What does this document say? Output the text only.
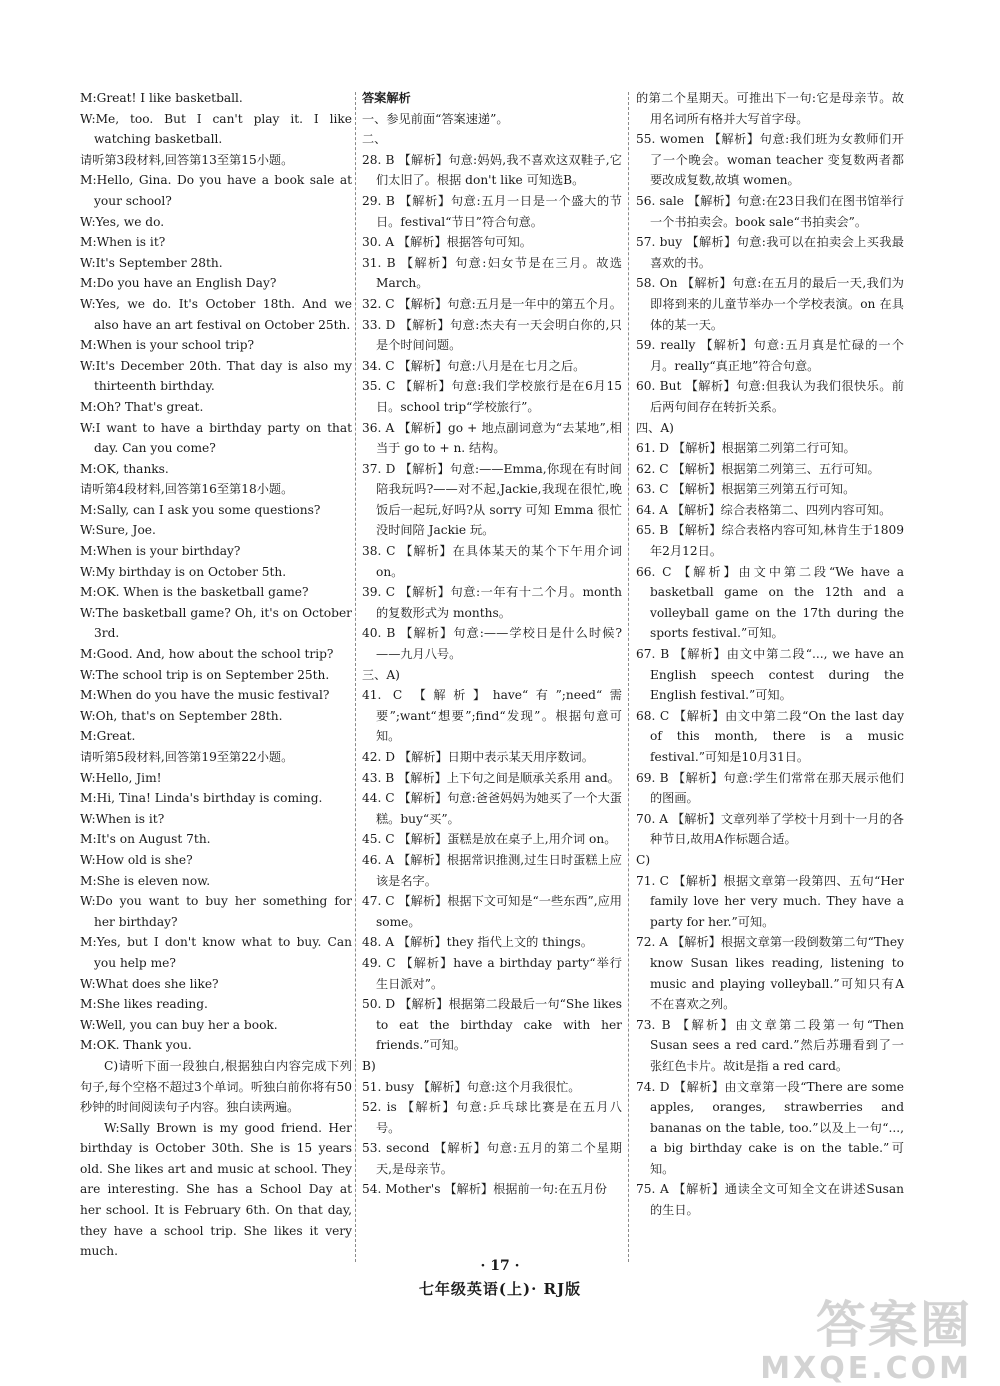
M:Great! I like basketball.

W:Me, too. But I can't play it. I like watching basketball.

请听第3段材料,回答第13至第15小题。

M:Hello, Gina. Do you have a book sale at your school?

W:Yes, we do.

M:When is it?

W:It's September 28th.

M:Do you have an English Day?

W:Yes, we do. It's October 18th. And we also have an art festival on October 25th.

M:When is your school trip?

W:It's December 20th. That day is also my thirteenth birthday.

M:Oh? That's great.

W:I want to have a birthday party on that day. Can you come?

M:OK, thanks.

请听第4段材料,回答第16至第18小题。

M:Sally, can I ask you some questions?

W:Sure, Joe.

M:When is your birthday?

W:My birthday is on October 5th.

M:OK. When is the basketball game?

W:The basketball game? Oh, it's on October 3rd.

M:Good. And, how about the school trip?

W:The school trip is on September 25th.

M:When do you have the music festival?

W:Oh, that's on September 28th.

M:Great.

请听第5段材料,回答第19至第22小题。

W:Hello, Jim!

M:Hi, Tina! Linda's birthday is coming.

W:When is it?

M:It's on August 7th.

W:How old is she?

M:She is eleven now.

W:Do you want to buy her something for her birthday?

M:Yes, but I don't know what to buy. Can you help me?

W:What does she like?

M:She likes reading.

W:Well, you can buy her a book.

M:OK. Thank you.

C)请听下面一段独白,根据独白内容完成下列句子,每个空格不超过3个单词。听独白前你将有50秒钟的时间阅读句子内容。独白读两遍。

W:Sally Brown is my good friend. Her birthday is October 30th. She is 15 years old. She likes art and music at school. They are interesting. She has a School Day at her school. It is February 6th. On that day, they have a school trip. She likes it very much.

答案解析

一、参见前面“答案速递”。

二、

28. B 【解析】句意:妈妈,我不喜欢这双鞋子,它们太旧了。根据 don't like 可知选B。

29. B 【解析】句意:五月一日是一个盛大的节日。festival“节日”符合句意。

30. A 【解析】根据答句可知。

31. B 【解析】句意:妇女节是在三月。故选March。

32. C 【解析】句意:五月是一年中的第五个月。

33. D 【解析】句意:杰夫有一天会明白你的,只是个时间问题。

34. C 【解析】句意:八月是在七月之后。

35. C 【解析】句意:我们学校旅行是在6月15日。school trip“学校旅行”。

36. A 【解析】go + 地点副词意为“去某地”,相当于 go to + n. 结构。

37. D 【解析】句意:——Emma,你现在有时间陪我玩吗?——对不起,Jackie,我现在很忙,晚饭后一起玩,好吗?从 sorry 可知 Emma 很忙没时间陪 Jackie 玩。

38. C 【解析】在具体某天的某个下午用介词 on。

39. C 【解析】句意:一年有十二个月。month 的复数形式为 months。

40. B 【解析】句意:——学校日是什么时候?——九月八号。

三、A)

41. C 【解析】have“有”;need“需要”;want“想要”;find“发现”。根据句意可知。

42. D 【解析】日期中表示某天用序数词。

43. B 【解析】上下句之间是顺承关系用 and。

44. C 【解析】句意:爸爸妈妈为她买了一个大蛋糕。buy“买”。

45. C 【解析】蛋糕是放在桌子上,用介词 on。

46. A 【解析】根据常识推测,过生日时蛋糕上应该是名字。

47. C 【解析】根据下文可知是“一些东西”,应用 some。

48. A 【解析】they 指代上文的 things。

49. C 【解析】have a birthday party“举行生日派对”。

50. D 【解析】根据第二段最后一句“She likes to eat the birthday cake with her friends.”可知。

B)

51. busy 【解析】句意:这个月我很忙。

52. is 【解析】句意:乒乓球比赛是在五月八号。

53. second 【解析】句意:五月的第二个星期天,是母亲节。

54. Mother's 【解析】根据前一句:在五月份

的第二个星期天。可推出下一句:它是母亲节。故用名词所有格并大写首字母。

55. women 【解析】句意:我们班为女教师们开了一个晚会。woman teacher 变复数两者都要改成复数,故填 women。

56. sale 【解析】句意:在23日我们在图书馆举行一个书拍卖会。book sale“书拍卖会”。

57. buy 【解析】句意:我可以在拍卖会上买我最喜欢的书。

58. On 【解析】句意:在五月的最后一天,我们为即将到来的儿童节举办一个学校表演。on 在具体的某一天。

59. really 【解析】句意:五月真是忙碌的一个月。really“真正地”符合句意。

60. But 【解析】句意:但我认为我们很快乐。前后两句间存在转折关系。

四、A)

61. D 【解析】根据第二列第二行可知。

62. C 【解析】根据第二列第三、五行可知。

63. C 【解析】根据第三列第五行可知。

64. A 【解析】综合表格第二、四列内容可知。

65. B 【解析】综合表格内容可知,林肯生于1809年2月12日。

66. C 【解析】由文中第二段“We have a basketball game on the 12th and a volleyball game on the 17th during the sports festival.”可知。

67. B 【解析】由文中第二段“..., we have an English speech contest during the English festival.”可知。

68. C 【解析】由文中第二段“On the last day of this month, there is a music festival.”可知是10月31日。

69. B 【解析】句意:学生们常常在那天展示他们的图画。

70. A 【解析】文章列举了学校十月到十一月的各种节日,故用A作标题合适。

C)

71. C 【解析】根据文章第一段第四、五句“Her family love her very much. They have a party for her.”可知。

72. A 【解析】根据文章第一段倒数第二句“They know Susan likes reading, listening to music and playing volleyball.”可知只有A不在喜欢之列。

73. B 【解析】由文章第二段第一句“Then Susan sees a red card.”然后苏珊看到了一张红色卡片。故it是指 a red card。

74. D 【解析】由文章第一段“There are some apples, oranges, strawberries and bananas on the table, too.”以及上一句“..., a big birthday cake is on the table.”可知。

75. A 【解析】通读全文可知全文在讲述Susan的生日。

· 17 ·
七年级英语(上)· RJ版
答案圈
MXQE.COM
